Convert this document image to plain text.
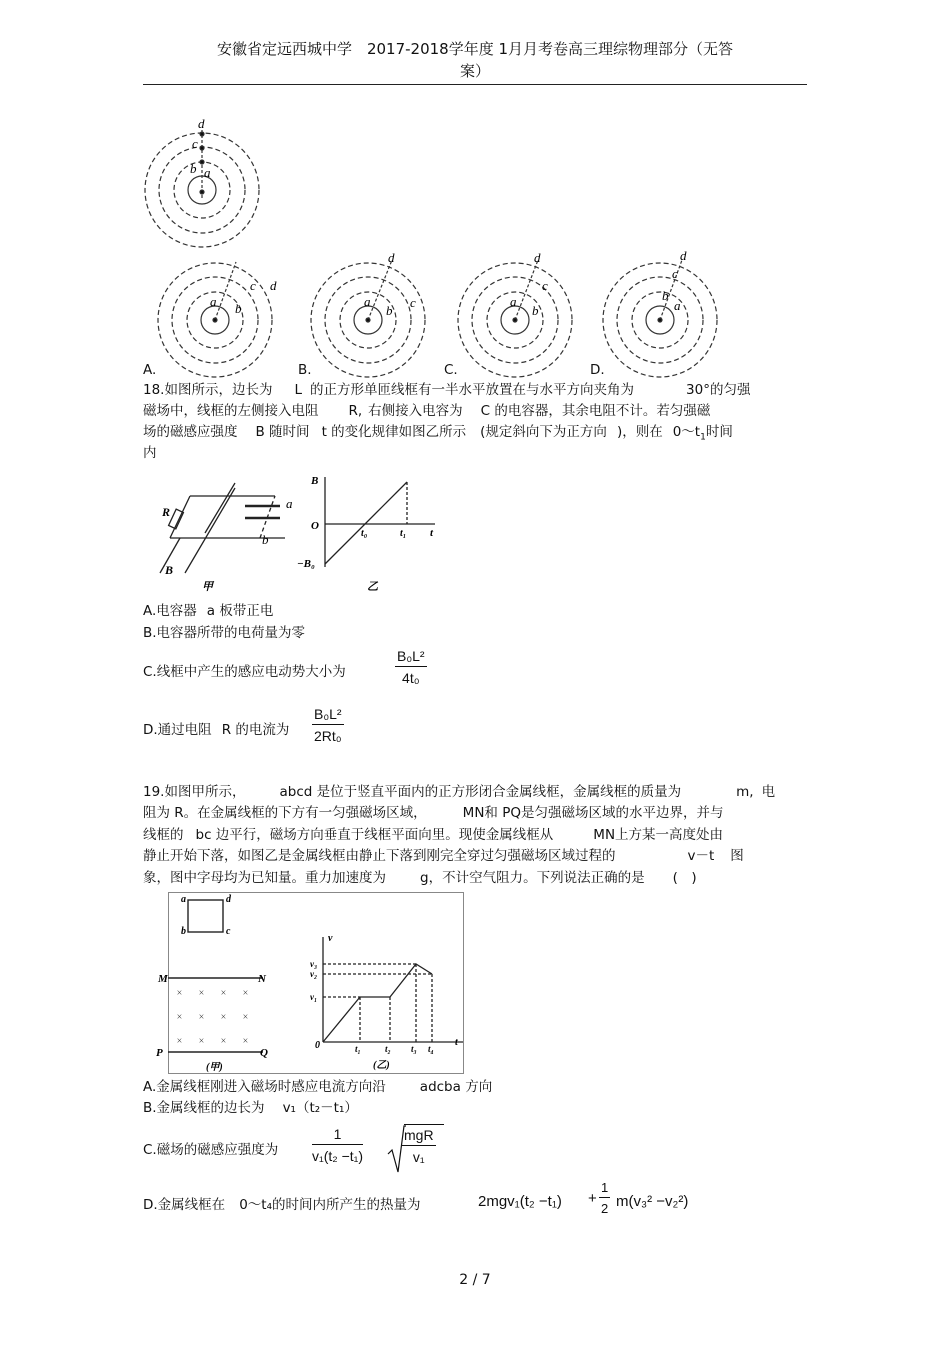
安徽省定远西城中学　2017-2018学年度 1月月考卷高三理综物理部分（无答
案）
d
c
b a
a b
c d
a
b
c
d
a
b
c
d
a
b
c
d
A.	B.	C.	D.
18.如图所示，边长为 L 的正方形单匝线框有一半水平放置在与水平方向夹角为	30°的匀强
磁场中，线框的左侧接入电阻 R, 右侧接入电容为 C 的电容器，其余电阻不计。若匀强磁
场的磁感应强度 B 随时间 t 的变化规律如图乙所示 (规定斜向下为正方向 )，则在 $0\sim t_1$时间
内
R
a
b
B
甲
B
O
−B₀
t₀	t₁ t
乙
A.电容器 a 板带正电
B.电容器所带的电荷量为零
C.线框中产生的感应电动势大小为	$\frac{\text{B₀L²}}{\text{4t₀}}$
D.通过电阻 R 的电流为 $\frac{\text{B₀L²}}{\text{2Rt₀}}$
19.如图甲所示，	abcd 是位于竖直平面内的正方形闭合金属线框，金属线框的质量为	m, 电
阻为 R。在金属线框的下方有一匀强磁场区域，	MN和 PQ是匀强磁场区域的水平边界，并与
线框的 bc 边平行，磁场方向垂直于线框平面向里。现使金属线框从	MN上方某一高度处由
静止开始下落，如图乙是金属线框由静止下落到刚完全穿过匀强磁场区域过程的	v－t 图
象，图中字母均为已知量。重力加速度为	g，不计空气阻力。下列说法正确的是 (　)
× × × ×
× × × ×
× × × ×
a	d
b	c
M	N
P	Q
(甲)
v
v₃
v₂
v₁
0	t₁	t₂ t₃ t₄
t
(乙)
A.金属线框刚进入磁场时感应电流方向沿	adcba 方向
B.金属线框的边长为 v₁（t₂－t₁）
C.磁场的磁感应强度为 $\frac{1}{\text{v₁(t₂ −t₁)}}$	mgR
v₁
D.金属线框在 0～t₄的时间内所产生的热量为	$2mgv_1(t_2 -t_1) + \frac{1}{2} m(v_3^2 -v_2^2)$
2 / 7
